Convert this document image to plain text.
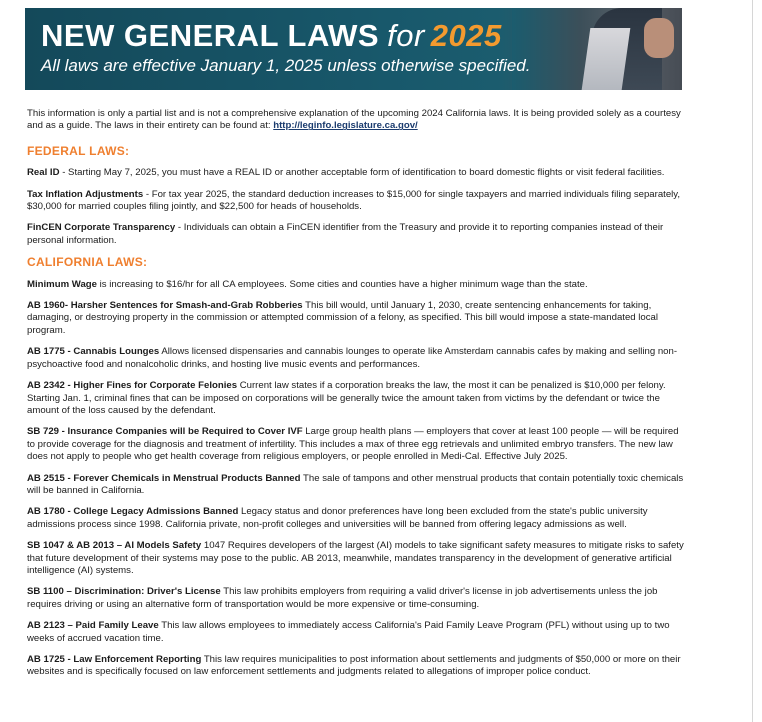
NEW GENERAL LAWS for 2025
All laws are effective January 1, 2025 unless otherwise specified.

This information is only a partial list and is not a comprehensive explanation of the upcoming 2024 California laws. It is being provided solely as a courtesy and as a guide. The laws in their entirety can be found at: http://leginfo.legislature.ca.gov/

FEDERAL LAWS:

Real ID - Starting May 7, 2025, you must have a REAL ID or another acceptable form of identification to board domestic flights or visit federal facilities.

Tax Inflation Adjustments - For tax year 2025, the standard deduction increases to $15,000 for single taxpayers and married individuals filing separately, $30,000 for married couples filing jointly, and $22,500 for heads of households.

FinCEN Corporate Transparency - Individuals can obtain a FinCEN identifier from the Treasury and provide it to reporting companies instead of their personal information.

CALIFORNIA LAWS:

Minimum Wage is increasing to $16/hr for all CA employees. Some cities and counties have a higher minimum wage than the state.

AB 1960- Harsher Sentences for Smash-and-Grab Robberies This bill would, until January 1, 2030, create sentencing enhancements for taking, damaging, or destroying property in the commission or attempted commission of a felony, as specified. This bill would impose a state-mandated local program.

AB 1775 - Cannabis Lounges Allows licensed dispensaries and cannabis lounges to operate like Amsterdam cannabis cafes by making and selling non-psychoactive food and nonalcoholic drinks, and hosting live music events and performances.

AB 2342 - Higher Fines for Corporate Felonies Current law states if a corporation breaks the law, the most it can be penalized is $10,000 per felony. Starting Jan. 1, criminal fines that can be imposed on corporations will be generally twice the amount taken from victims by the defendant or twice the amount of the loss caused by the defendant.

SB 729 - Insurance Companies will be Required to Cover IVF Large group health plans — employers that cover at least 100 people — will be required to provide coverage for the diagnosis and treatment of infertility. This includes a max of three egg retrievals and unlimited embryo transfers. The new law does not apply to people who get health coverage from religious employers, or people enrolled in Medi-Cal. Effective July 2025.

AB 2515 - Forever Chemicals in Menstrual Products Banned The sale of tampons and other menstrual products that contain potentially toxic chemicals will be banned in California.

AB 1780 - College Legacy Admissions Banned Legacy status and donor preferences have long been excluded from the state's public university admissions process since 1998. California private, non-profit colleges and universities will be banned from offering legacy admissions as well.

SB 1047 & AB 2013 – AI Models Safety 1047 Requires developers of the largest (AI) models to take significant safety measures to mitigate risks to safety that future development of their systems may pose to the public. AB 2013, meanwhile, mandates transparency in the development of generative artificial intelligence (AI) systems.

SB 1100 – Discrimination: Driver's License This law prohibits employers from requiring a valid driver's license in job advertisements unless the job requires driving or using an alternative form of transportation would be more expensive or time-consuming.

AB 2123 – Paid Family Leave This law allows employees to immediately access California's Paid Family Leave Program (PFL) without using up to two weeks of accrued vacation time.

AB 1725 - Law Enforcement Reporting This law requires municipalities to post information about settlements and judgments of $50,000 or more on their websites and is specifically focused on law enforcement settlements and judgments related to allegations of improper police conduct.
